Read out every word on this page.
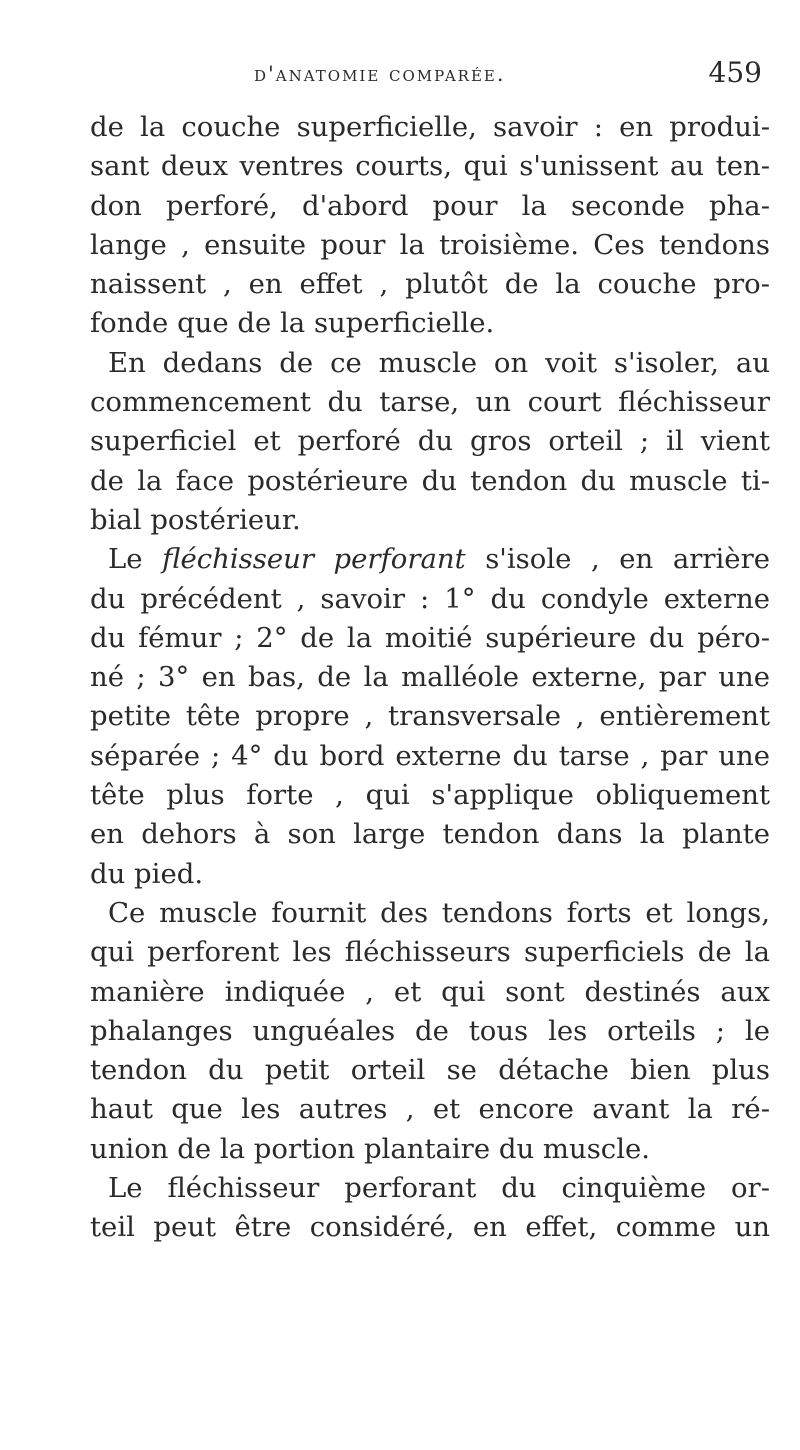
d'anatomie comparée.	459
de la couche superficielle, savoir : en produi-
sant deux ventres courts, qui s'unissent au ten-
don perforé, d'abord pour la seconde pha-
lange , ensuite pour la troisième. Ces tendons
naissent , en effet , plutôt de la couche pro-
fonde que de la superficielle.
En dedans de ce muscle on voit s'isoler, au
commencement du tarse, un court fléchisseur
superficiel et perforé du gros orteil ; il vient
de la face postérieure du tendon du muscle ti-
bial postérieur.
Le fléchisseur perforant s'isole , en arrière
du précédent , savoir : 1° du condyle externe
du fémur ; 2° de la moitié supérieure du péro-
né ; 3° en bas, de la malléole externe, par une
petite tête propre , transversale , entièrement
séparée ; 4° du bord externe du tarse , par une
tête plus forte , qui s'applique obliquement
en dehors à son large tendon dans la plante
du pied.
Ce muscle fournit des tendons forts et longs,
qui perforent les fléchisseurs superficiels de la
manière indiquée , et qui sont destinés aux
phalanges unguéales de tous les orteils ; le
tendon du petit orteil se détache bien plus
haut que les autres , et encore avant la ré-
union de la portion plantaire du muscle.
Le fléchisseur perforant du cinquième or-
teil peut être considéré, en effet, comme un
